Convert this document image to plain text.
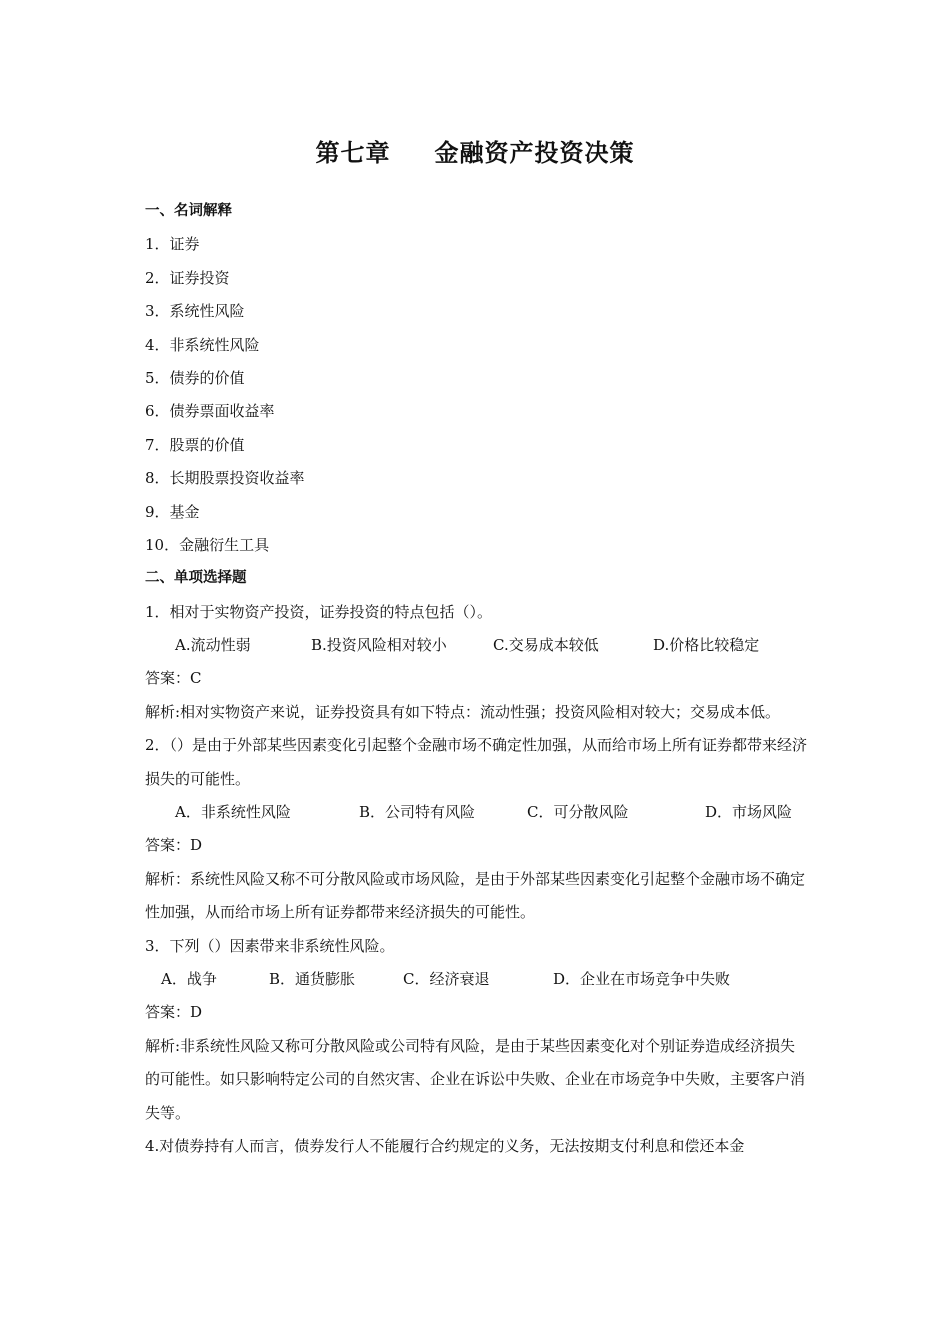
第七章 金融资产投资决策
一、名词解释
1．证券
2．证券投资
3．系统性风险
4．非系统性风险
5．债券的价值
6．债券票面收益率
7．股票的价值
8．长期股票投资收益率
9．基金
10．金融衍生工具
二、单项选择题
1．相对于实物资产投资，证券投资的特点包括（）。
A.流动性弱	B.投资风险相对较小	C.交易成本较低	D.价格比较稳定
答案：C
解析:相对实物资产来说，证券投资具有如下特点：流动性强；投资风险相对较大；交易成本低。
2．（）是由于外部某些因素变化引起整个金融市场不确定性加强，从而给市场上所有证券都带来经济损失的可能性。
A．非系统性风险	B．公司特有风险	C．可分散风险	D．市场风险
答案：D
解析：系统性风险又称不可分散风险或市场风险，是由于外部某些因素变化引起整个金融市场不确定性加强，从而给市场上所有证券都带来经济损失的可能性。
3．下列（）因素带来非系统性风险。
A．战争	B．通货膨胀	C．经济衰退	D．企业在市场竞争中失败
答案：D
解析:非系统性风险又称可分散风险或公司特有风险，是由于某些因素变化对个别证券造成经济损失的可能性。如只影响特定公司的自然灾害、企业在诉讼中失败、企业在市场竞争中失败，主要客户消失等。
4.对债券持有人而言，债券发行人不能履行合约规定的义务，无法按期支付利息和偿还本金
